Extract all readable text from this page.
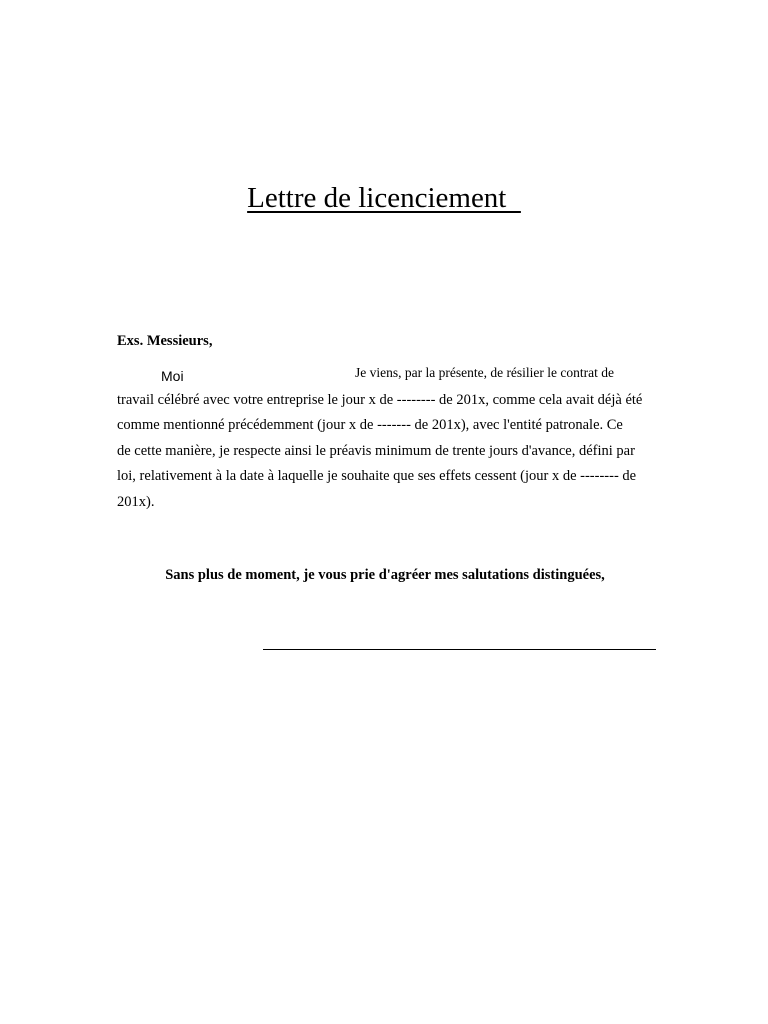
Lettre de licenciement
Exs. Messieurs,
Moi	Je viens, par la présente, de résilier le contrat de
travail célébré avec votre entreprise le jour x de -------- de 201x, comme cela avait déjà été
comme mentionné précédemment (jour x de ------- de 201x), avec l'entité patronale. Ce
de cette manière, je respecte ainsi le préavis minimum de trente jours d'avance, défini par
loi, relativement à la date à laquelle je souhaite que ses effets cessent (jour x de -------- de
201x).
Sans plus de moment, je vous prie d'agréer mes salutations distinguées,
